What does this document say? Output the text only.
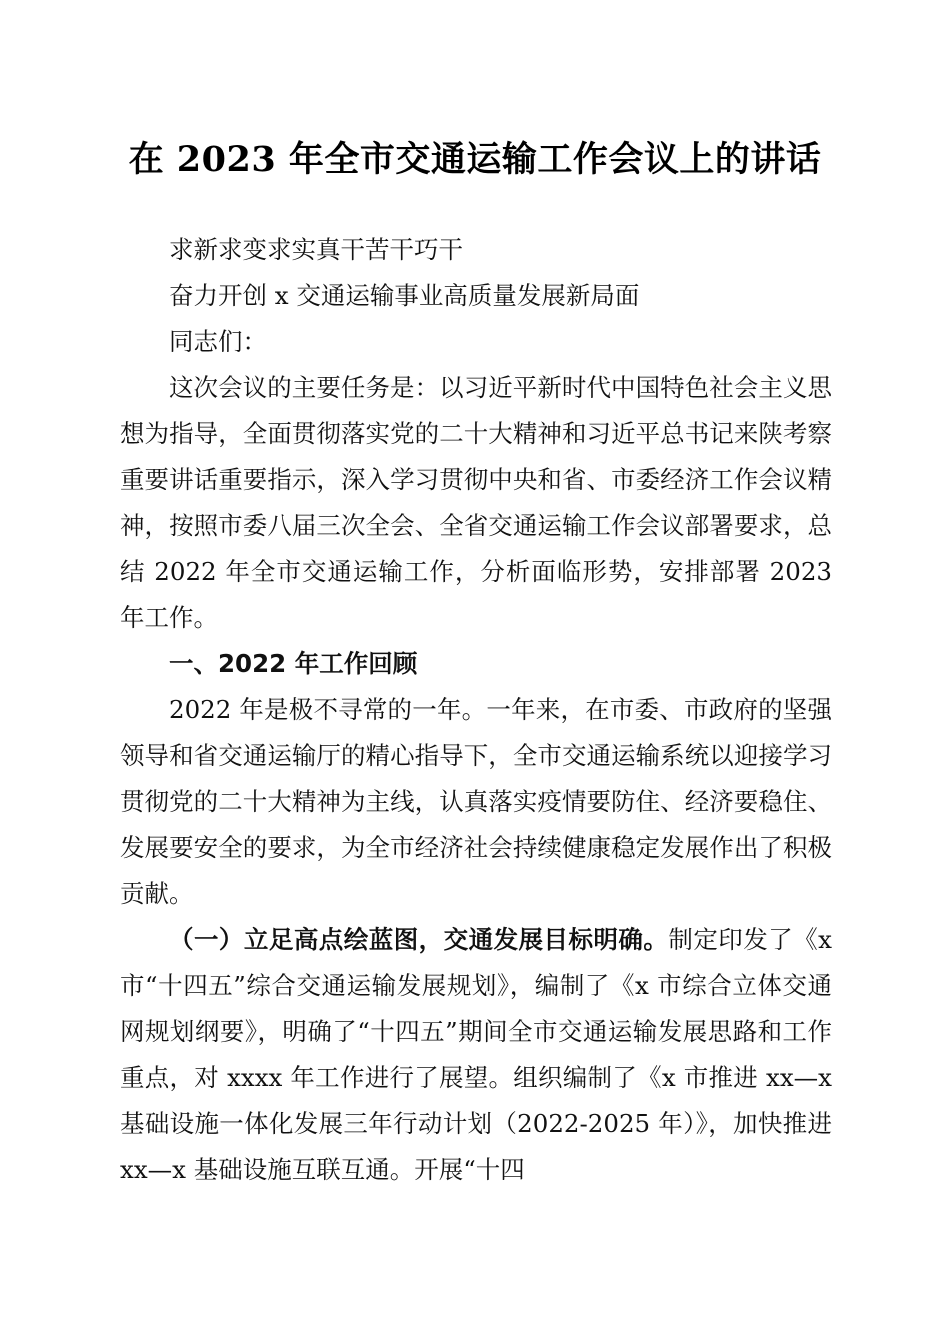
在 2023 年全市交通运输工作会议上的讲话

求新求变求实真干苦干巧干

奋力开创 x 交通运输事业高质量发展新局面

同志们：

这次会议的主要任务是：以习近平新时代中国特色社会主义思想为指导，全面贯彻落实党的二十大精神和习近平总书记来陕考察重要讲话重要指示，深入学习贯彻中央和省、市委经济工作会议精神，按照市委八届三次全会、全省交通运输工作会议部署要求，总结 2022 年全市交通运输工作，分析面临形势，安排部署 2023 年工作。

一、2022 年工作回顾

2022 年是极不寻常的一年。一年来，在市委、市政府的坚强领导和省交通运输厅的精心指导下，全市交通运输系统以迎接学习贯彻党的二十大精神为主线，认真落实疫情要防住、经济要稳住、发展要安全的要求，为全市经济社会持续健康稳定发展作出了积极贡献。

（一）立足高点绘蓝图，交通发展目标明确。制定印发了《x 市“十四五”综合交通运输发展规划》，编制了《x 市综合立体交通网规划纲要》，明确了“十四五”期间全市交通运输发展思路和工作重点，对 xxxx 年工作进行了展望。组织编制了《x 市推进 xx—x 基础设施一体化发展三年行动计划（2022-2025 年）》，加快推进 xx—x 基础设施互联互通。开展“十四
